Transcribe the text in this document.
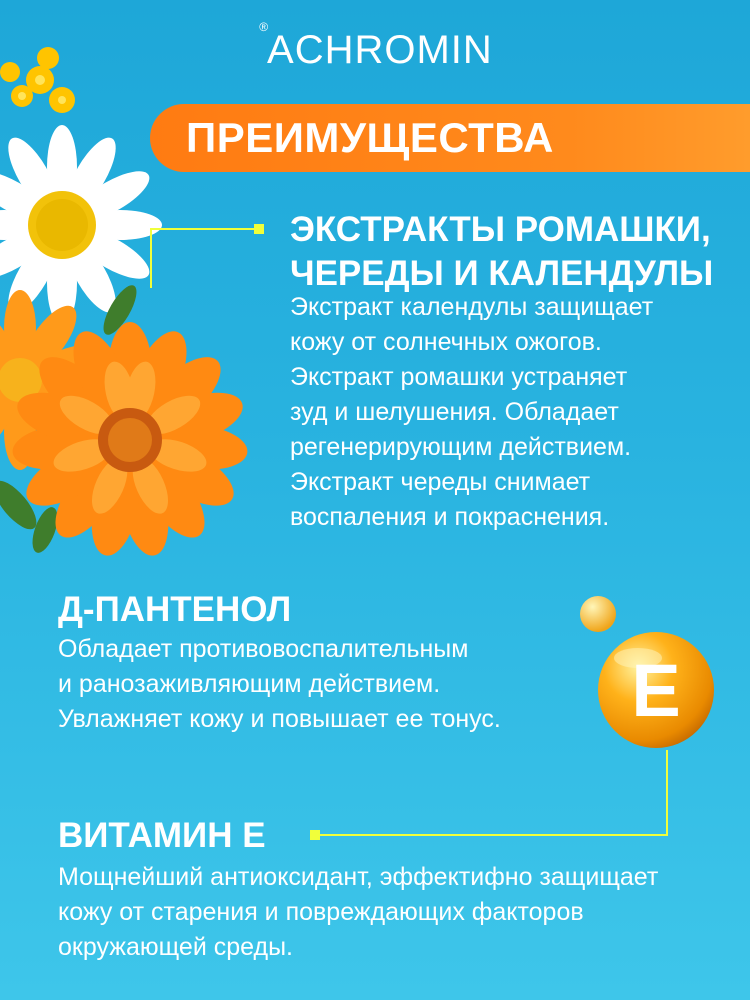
®ACHROMIN
ПРЕИМУЩЕСТВА
ЭКСТРАКТЫ РОМАШКИ,
ЧЕРЕДЫ И КАЛЕНДУЛЫ

Экстракт календулы защищает
кожу от солнечных ожогов.
Экстракт ромашки устраняет
зуд и шелушения. Обладает
регенерирующим действием.
Экстракт череды снимает
воспаления и покраснения.

Д-ПАНТЕНОЛ

Обладает противовоспалительным
и ранозаживляющим действием.
Увлажняет кожу и повышает ее тонус.	E
ВИТАМИН Е

Мощнейший антиоксидант, эффектифно защищает
кожу от старения и повреждающих факторов
окружающей среды.
